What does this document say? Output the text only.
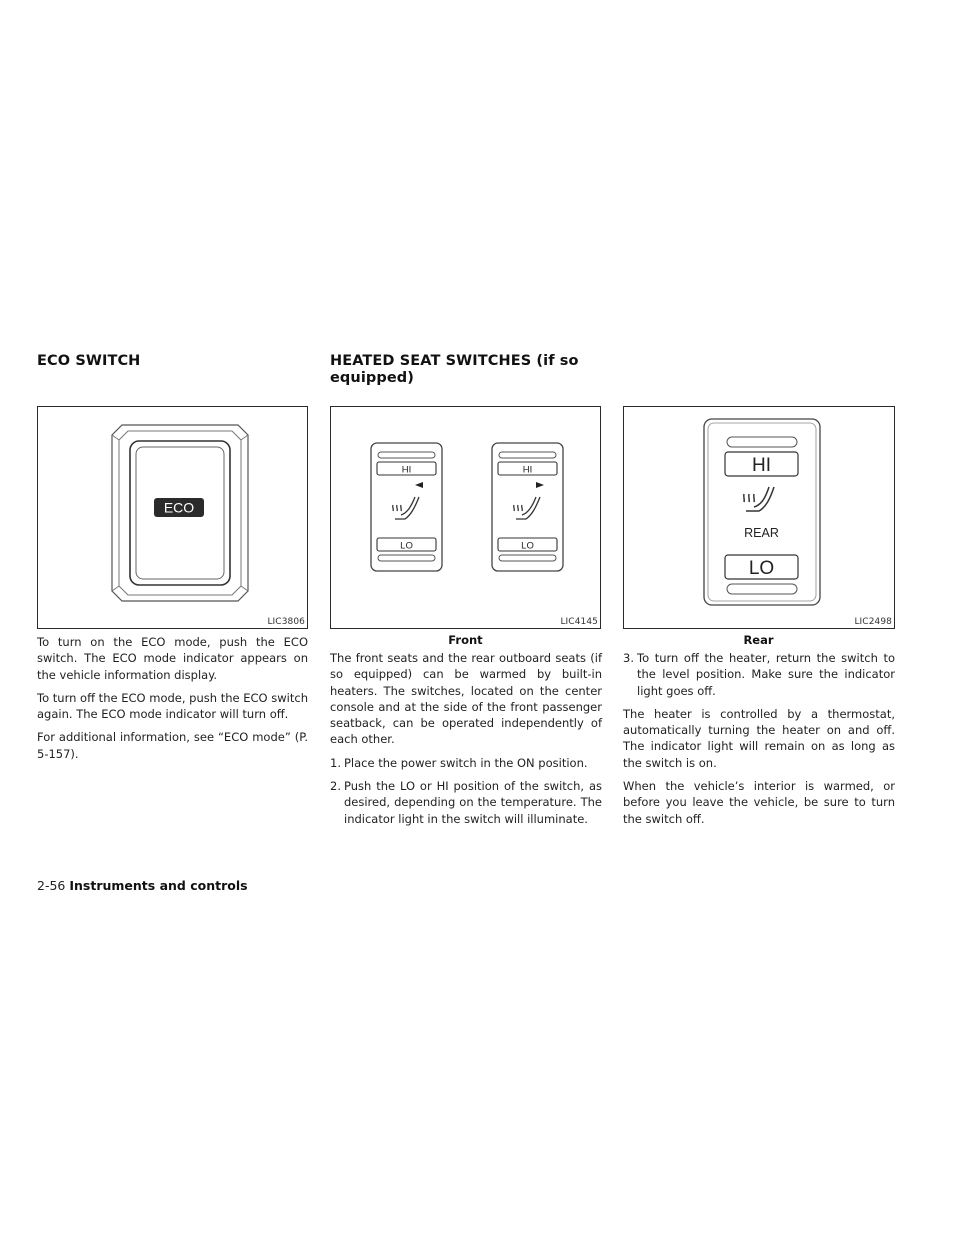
ECO SWITCH	HEATED SEAT SWITCHES (if so equipped)
ECO
LIC3806
HI
LO
HI
LO
LIC4145
HI
REAR
LO
LIC2498
Front	Rear

To turn on the ECO mode, push the ECO switch. The ECO mode indicator appears on the vehicle information display.

To turn off the ECO mode, push the ECO switch again. The ECO mode indicator will turn off.

For additional information, see “ECO mode” (P. 5-157).

The front seats and the rear outboard seats (if so equipped) can be warmed by built-in heaters. The switches, located on the center console and at the side of the front passenger seatback, can be operated independently of each other.

1. Place the power switch in the ON position.
2. Push the LO or HI position of the switch, as desired, depending on the temperature. The indicator light in the switch will illuminate.
3. To turn off the heater, return the switch to the level position. Make sure the indicator light goes off.

The heater is controlled by a thermostat, automatically turning the heater on and off. The indicator light will remain on as long as the switch is on.

When the vehicle’s interior is warmed, or before you leave the vehicle, be sure to turn the switch off.

2-56 Instruments and controls
